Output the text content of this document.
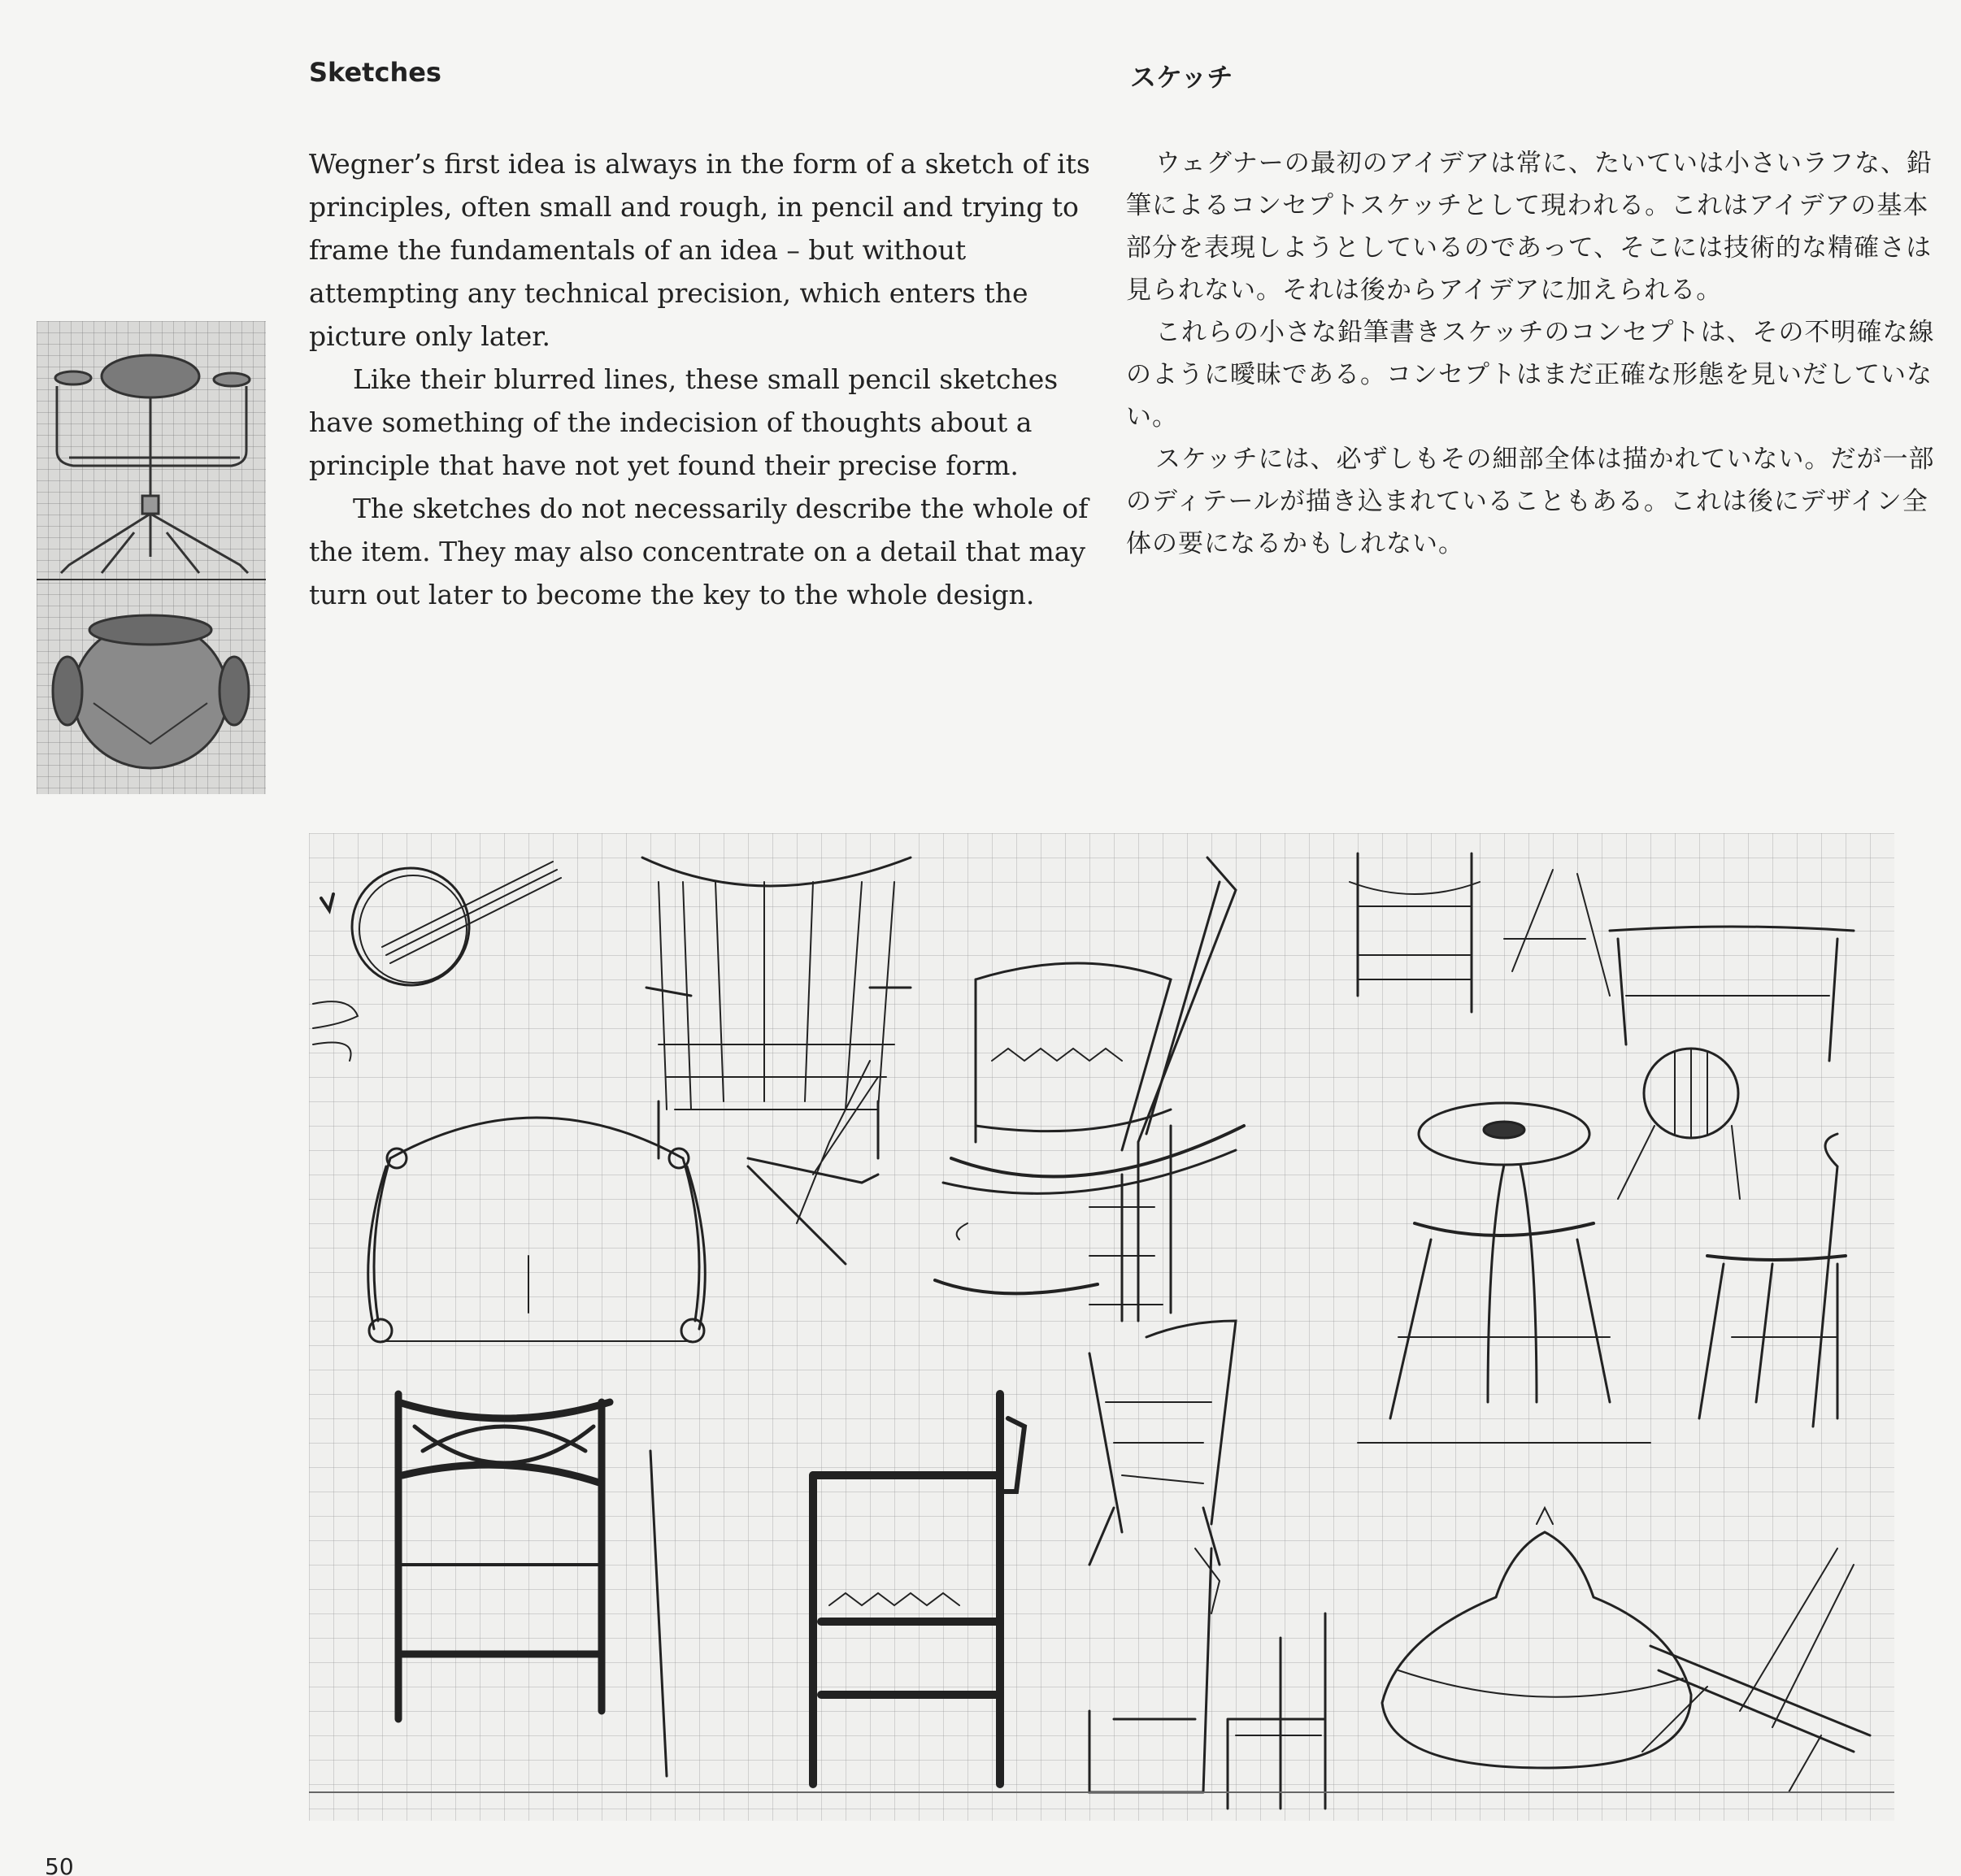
Sketches	スケッチ

Wegner’s first idea is always in the form of a sketch of its principles, often small and rough, in pencil and trying to frame the fundamentals of an idea – but without attempting any technical precision, which enters the picture only later.

Like their blurred lines, these small pencil sketches have something of the indecision of thoughts about a principle that have not yet found their precise form.

The sketches do not necessarily describe the whole of the item. They may also concentrate on a detail that may turn out later to become the key to the whole design.

ウェグナーの最初のアイデアは常に、たいていは小さいラフな、鉛筆によるコンセプトスケッチとして現われる。これはアイデアの基本部分を表現しようとしているのであって、そこには技術的な精確さは見られない。それは後からアイデアに加えられる。

これらの小さな鉛筆書きスケッチのコンセプトは、その不明確な線のように曖昧である。コンセプトはまだ正確な形態を見いだしていない。

スケッチには、必ずしもその細部全体は描かれていない。だが一部のディテールが描き込まれていることもある。これは後にデザイン全体の要になるかもしれない。

50
